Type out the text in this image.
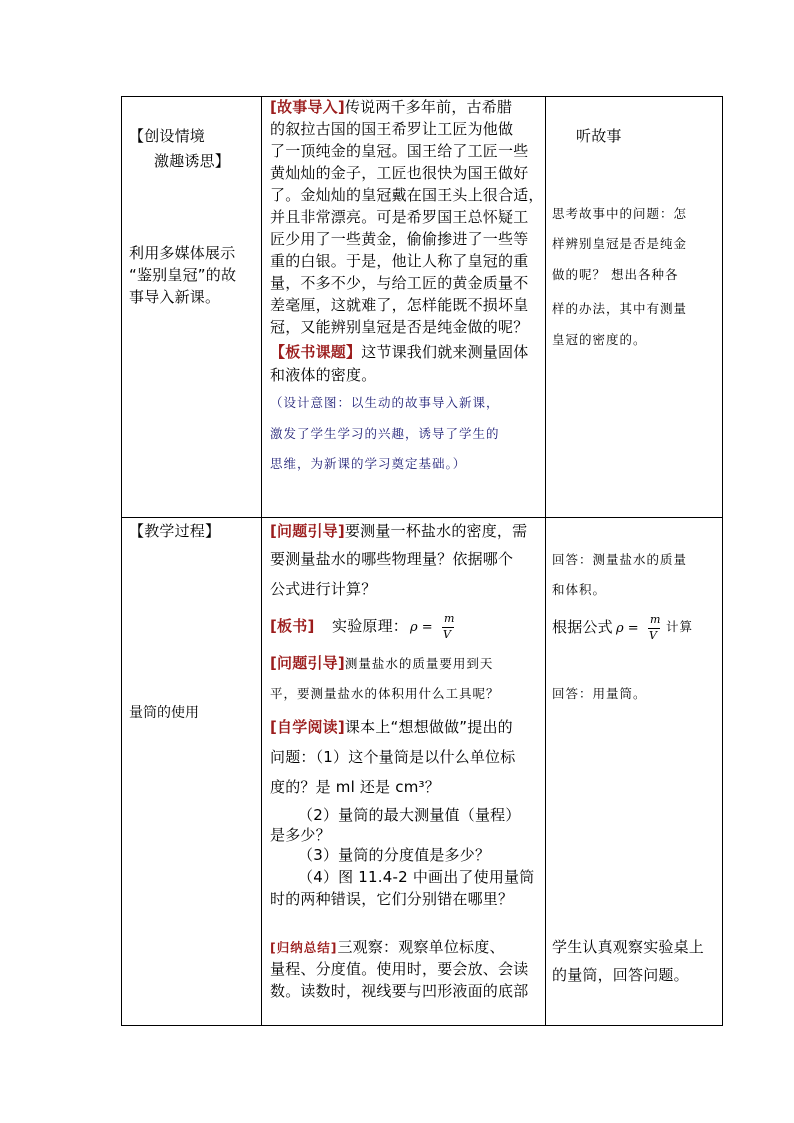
【创设情境
激趣诱思】
利用多媒体展示
“鉴别皇冠”的故
事导入新课。
[故事导入]传说两千多年前，古希腊
的叙拉古国的国王希罗让工匠为他做
了一顶纯金的皇冠。国王给了工匠一些
黄灿灿的金子，工匠也很快为国王做好
了。金灿灿的皇冠戴在国王头上很合适，
并且非常漂亮。可是希罗国王总怀疑工
匠少用了一些黄金，偷偷掺进了一些等
重的白银。于是，他让人称了皇冠的重
量，不多不少，与给工匠的黄金质量不
差毫厘，这就难了，怎样能既不损坏皇
冠，又能辨别皇冠是否是纯金做的呢？
【板书课题】这节课我们就来测量固体
和液体的密度。
（设计意图：以生动的故事导入新课，
激发了学生学习的兴趣，诱导了学生的
思维，为新课的学习奠定基础。）
听故事
思考故事中的问题：怎
样辨别皇冠是否是纯金
做的呢？ 想出各种各
样的办法，其中有测量
皇冠的密度的。
【教学过程】
量筒的使用
[问题引导]要测量一杯盐水的密度，需
要测量盐水的哪些物理量？依据哪个
公式进行计算？
[板书] 实验原理： ρ =
m
V
[问题引导]测量盐水的质量要用到天
平，要测量盐水的体积用什么工具呢？
[自学阅读]课本上“想想做做”提出的
问题：（1）这个量筒是以什么单位标
度的？是 ml 还是 cm³？
（2）量筒的最大测量值（量程）
是多少？
（3）量筒的分度值是多少？
（4）图 11.4-2 中画出了使用量筒
时的两种错误，它们分别错在哪里？
[归纳总结]三观察：观察单位标度、
量程、分度值。使用时，要会放、会读
数。读数时，视线要与凹形液面的底部
回答：测量盐水的质量
和体积。
根据公式 ρ =
m
V
计算
回答：用量筒。
学生认真观察实验桌上
的量筒，回答问题。
